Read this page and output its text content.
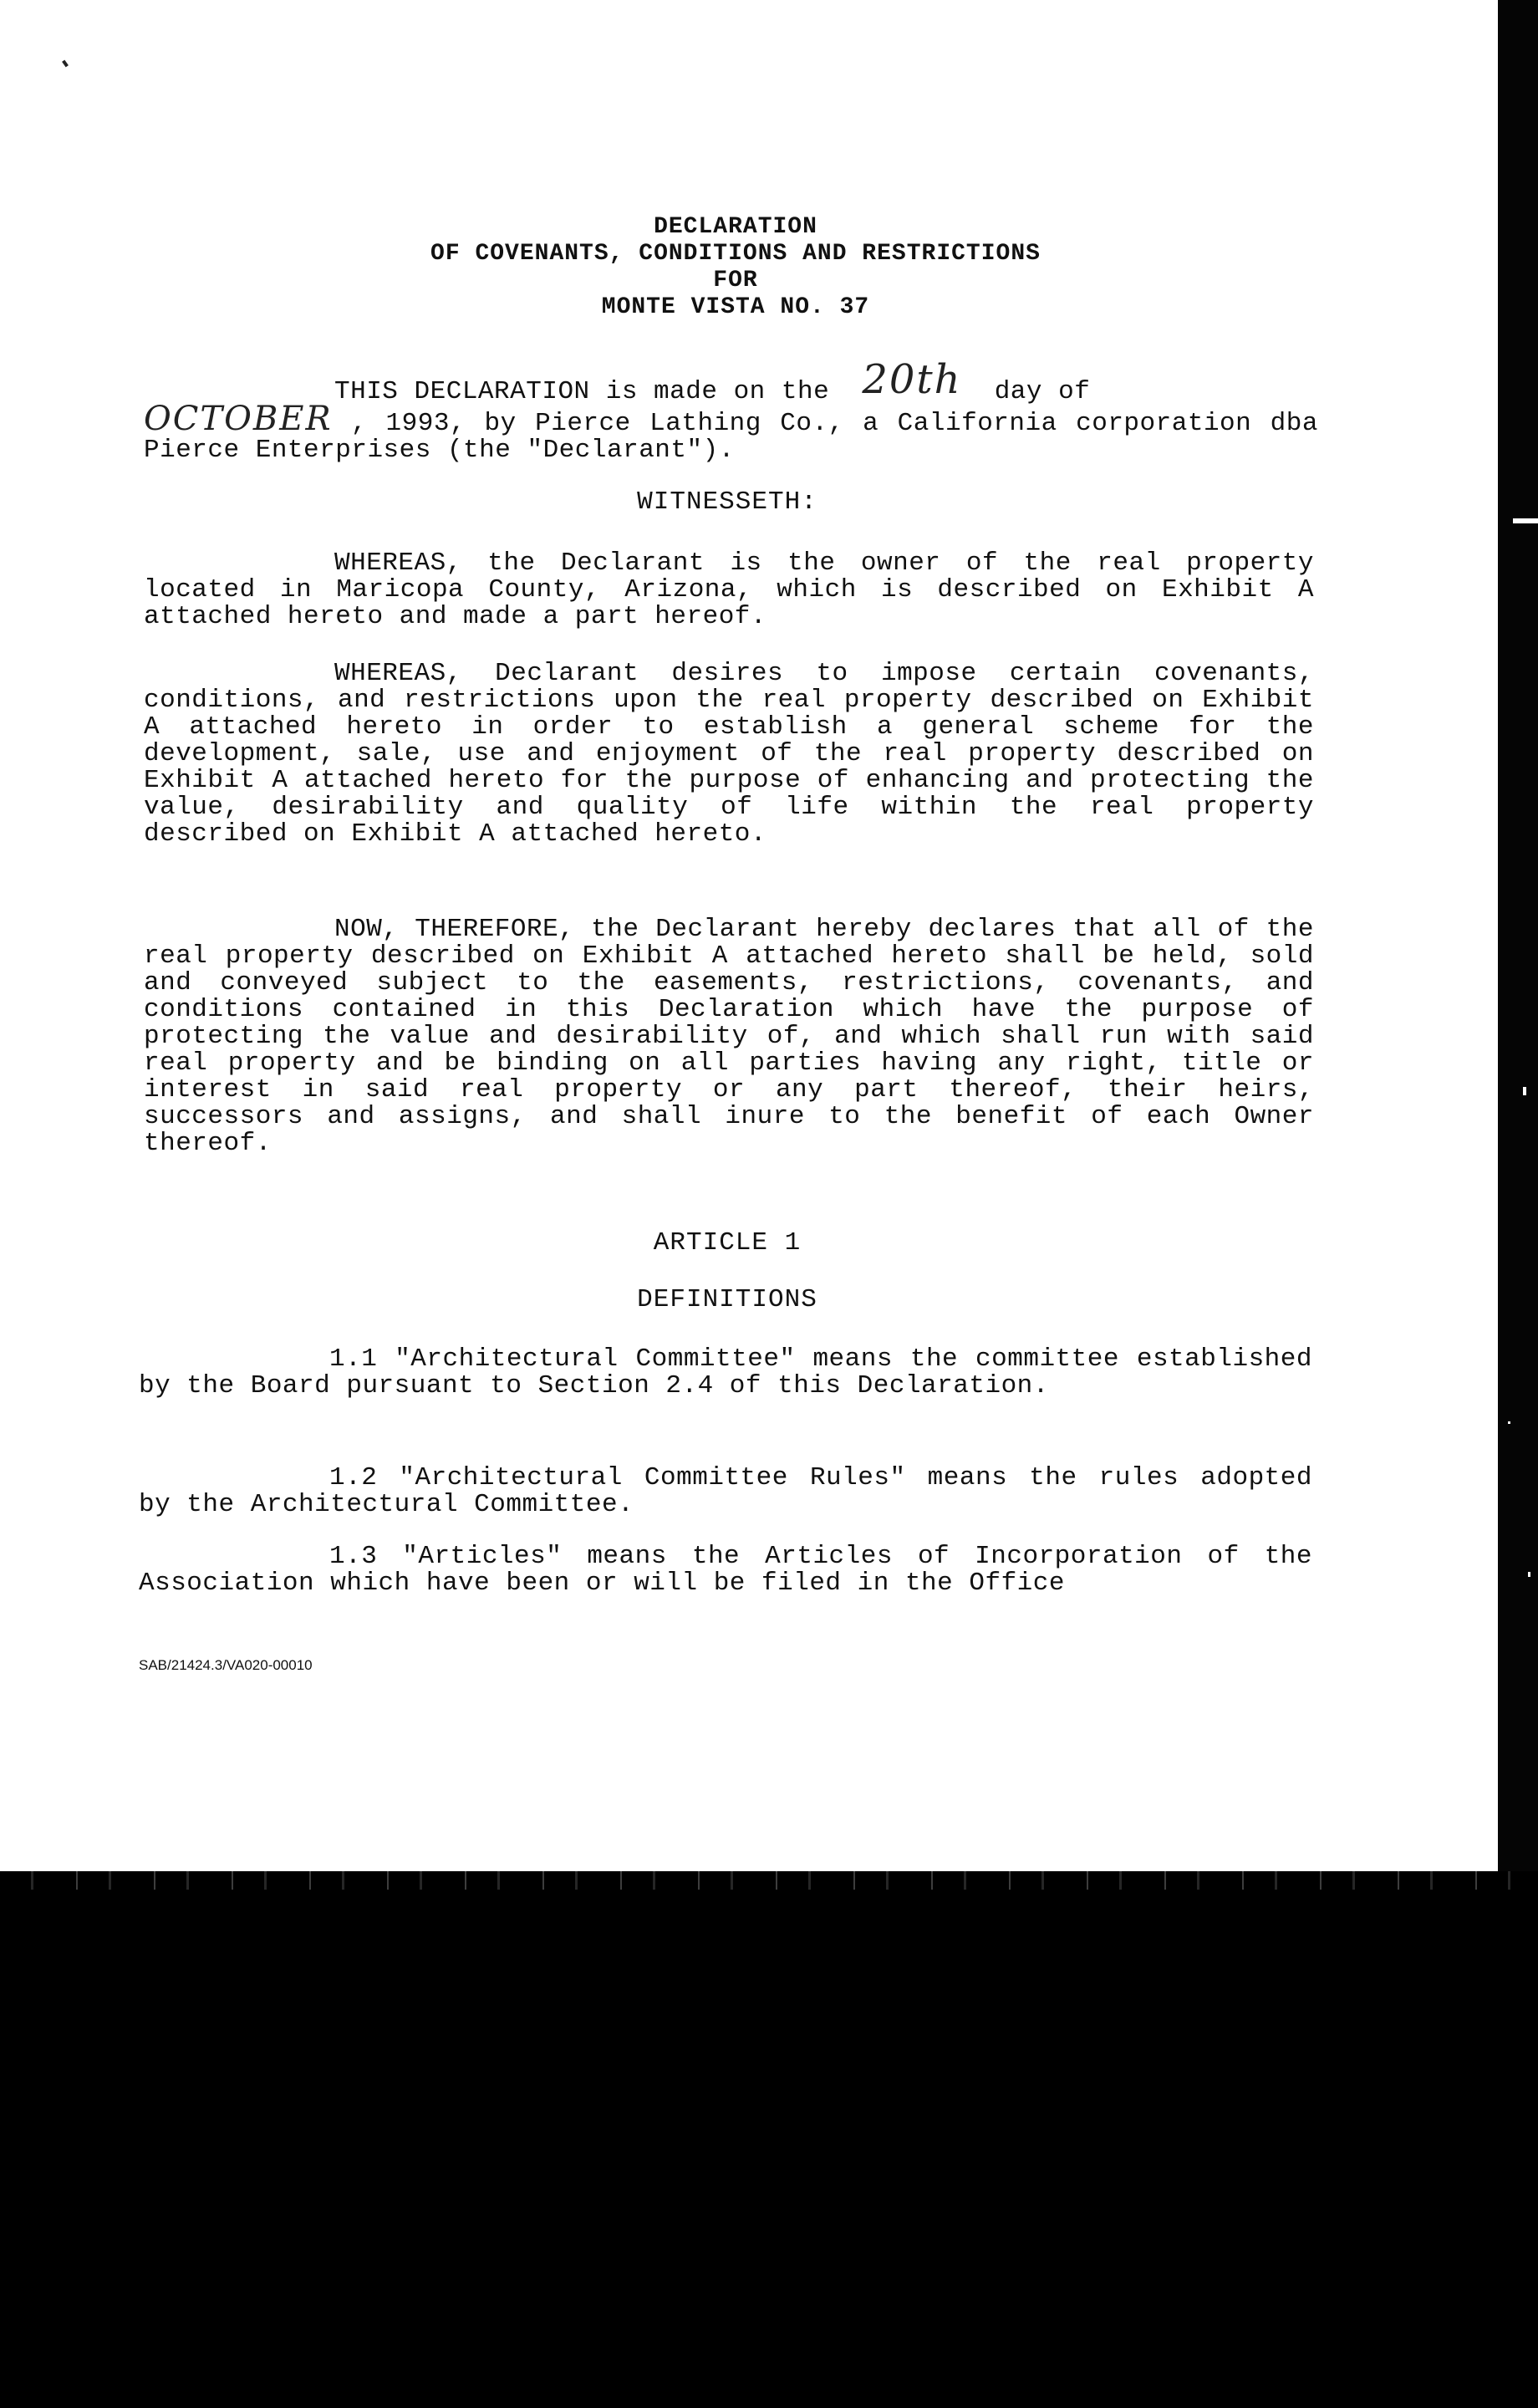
DECLARATION
OF COVENANTS, CONDITIONS AND RESTRICTIONS
FOR
MONTE VISTA NO. 37
THIS DECLARATION is made on the 20th day of
OCTOBER , 1993, by Pierce Lathing Co., a California corporation dba Pierce Enterprises (the "Declarant").
WITNESSETH:
WHEREAS, the Declarant is the owner of the real property located in Maricopa County, Arizona, which is described on Exhibit A attached hereto and made a part hereof.
WHEREAS, Declarant desires to impose certain covenants, conditions, and restrictions upon the real property described on Exhibit A attached hereto in order to establish a general scheme for the development, sale, use and enjoyment of the real property described on Exhibit A attached hereto for the purpose of enhancing and protecting the value, desirability and quality of life within the real property described on Exhibit A attached hereto.
NOW, THEREFORE, the Declarant hereby declares that all of the real property described on Exhibit A attached hereto shall be held, sold and conveyed subject to the easements, restrictions, covenants, and conditions contained in this Declaration which have the purpose of protecting the value and desirability of, and which shall run with said real property and be binding on all parties having any right, title or interest in said real property or any part thereof, their heirs, successors and assigns, and shall inure to the benefit of each Owner thereof.
ARTICLE 1
DEFINITIONS
1.1 "Architectural Committee" means the committee established by the Board pursuant to Section 2.4 of this Declaration.
1.2 "Architectural Committee Rules" means the rules adopted by the Architectural Committee.
1.3 "Articles" means the Articles of Incorporation of the Association which have been or will be filed in the Office
SAB/21424.3/VA020-00010
